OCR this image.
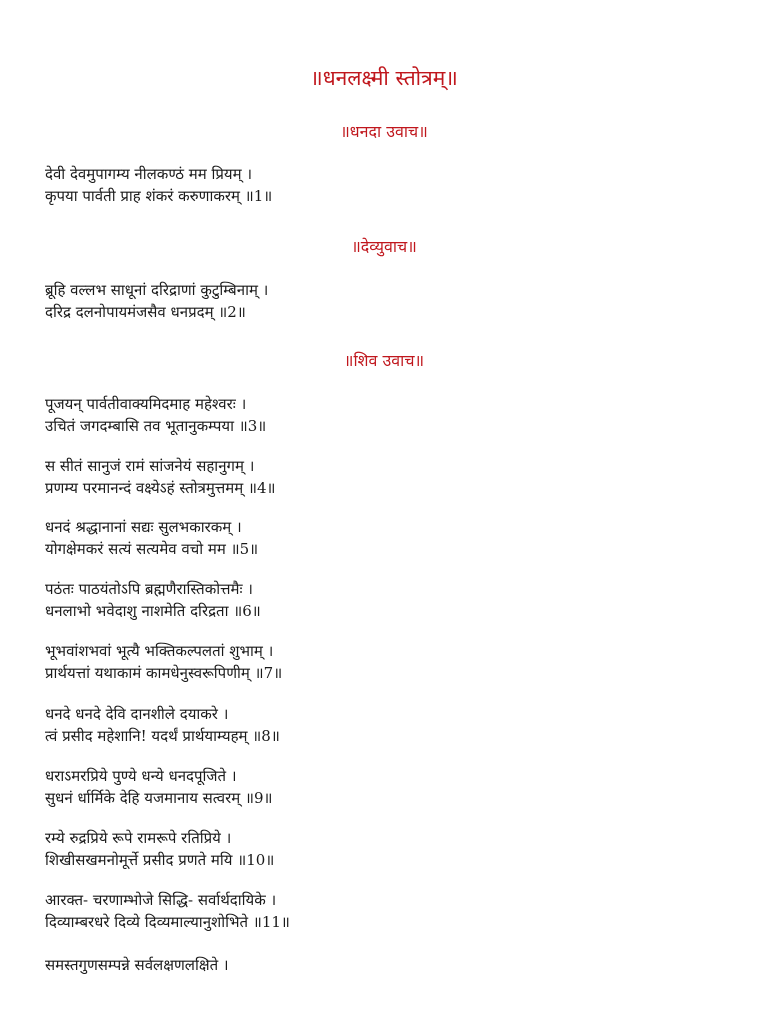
॥धनलक्ष्मी स्तोत्रम्॥
॥धनदा उवाच॥

देवी देवमुपागम्य नीलकण्ठं मम प्रियम् ।
कृपया पार्वती प्राह शंकरं करुणाकरम् ॥1॥

॥देव्युवाच॥

ब्रूहि वल्लभ साधूनां दरिद्राणां कुटुम्बिनाम् ।
दरिद्र दलनोपायमंजसैव धनप्रदम् ॥2॥

॥शिव उवाच॥

पूजयन् पार्वतीवाक्यमिदमाह महेश्वरः ।
उचितं जगदम्बासि तव भूतानुकम्पया ॥3॥

स सीतं सानुजं रामं सांजनेयं सहानुगम् ।
प्रणम्य परमानन्दं वक्ष्येऽहं स्तोत्रमुत्तमम् ॥4॥

धनदं श्रद्धानानां सद्यः सुलभकारकम् ।
योगक्षेमकरं सत्यं सत्यमेव वचो मम ॥5॥

पठंतः पाठयंतोऽपि ब्रह्मणैरास्तिकोत्तमैः ।
धनलाभो भवेदाशु नाशमेति दरिद्रता ॥6॥

भूभवांशभवां भूत्यै भक्तिकल्पलतां शुभाम् ।
प्रार्थयत्तां यथाकामं कामधेनुस्वरूपिणीम् ॥7॥

धनदे धनदे देवि दानशीले दयाकरे ।
त्वं प्रसीद महेशानि! यदर्थं प्रार्थयाम्यहम् ॥8॥

धराऽमरप्रिये पुण्ये धन्ये धनदपूजिते ।
सुधनं र्धार्मिके देहि यजमानाय सत्वरम् ॥9॥

रम्ये रुद्रप्रिये रूपे रामरूपे रतिप्रिये ।
शिखीसखमनोमूर्त्ते प्रसीद प्रणते मयि ॥10॥

आरक्त- चरणाम्भोजे सिद्धि- सर्वार्थदायिके ।
दिव्याम्बरधरे दिव्ये दिव्यमाल्यानुशोभिते ॥11॥

समस्तगुणसम्पन्ने सर्वलक्षणलक्षिते ।
